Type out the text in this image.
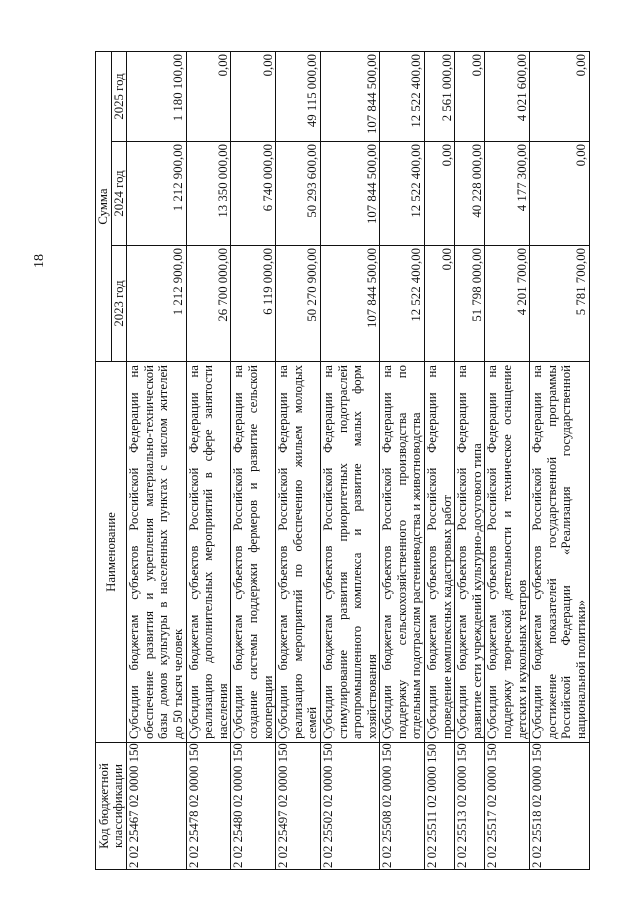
18
Код бюджетной классификации	Наименование	Сумма		
		2023 год	2024 год	2025 год
2 02 25467 02 0000 150	Субсидии бюджетам субъектов Российской Федерации на обеспечение развития и укрепления материально-технической базы домов культуры в населенных пунктах с числом жителей до 50 тысяч человек	1 212 900,00	1 212 900,00	1 180 100,00
2 02 25478 02 0000 150	Субсидии бюджетам субъектов Российской Федерации на реализацию дополнительных мероприятий в сфере занятости населения	26 700 000,00	13 350 000,00	0,00
2 02 25480 02 0000 150	Субсидии бюджетам субъектов Российской Федерации на создание системы поддержки фермеров и развитие сельской кооперации	6 119 000,00	6 740 000,00	0,00
2 02 25497 02 0000 150	Субсидии бюджетам субъектов Российской Федерации на реализацию мероприятий по обеспечению жильем молодых семей	50 270 900,00	50 293 600,00	49 115 000,00
2 02 25502 02 0000 150	Субсидии бюджетам субъектов Российской Федерации на стимулирование развития приоритетных подотраслей агропромышленного комплекса и развитие малых форм хозяйствования	107 844 500,00	107 844 500,00	107 844 500,00
2 02 25508 02 0000 150	Субсидии бюджетам субъектов Российской Федерации на поддержку сельскохозяйственного производства по отдельным подотраслям растениеводства и животноводства	12 522 400,00	12 522 400,00	12 522 400,00
2 02 25511 02 0000 150	Субсидии бюджетам субъектов Российской Федерации на проведение комплексных кадастровых работ	0,00	0,00	2 561 000,00
2 02 25513 02 0000 150	Субсидии бюджетам субъектов Российской Федерации на развитие сети учреждений культурно-досугового типа	51 798 000,00	40 228 000,00	0,00
2 02 25517 02 0000 150	Субсидии бюджетам субъектов Российской Федерации на поддержку творческой деятельности и техническое оснащение детских и кукольных театров	4 201 700,00	4 177 300,00	4 021 600,00
2 02 25518 02 0000 150	Субсидии бюджетам субъектов Российской Федерации на достижение показателей государственной программы Российской Федерации «Реализация государственной национальной политики»	5 781 700,00	0,00	0,00
